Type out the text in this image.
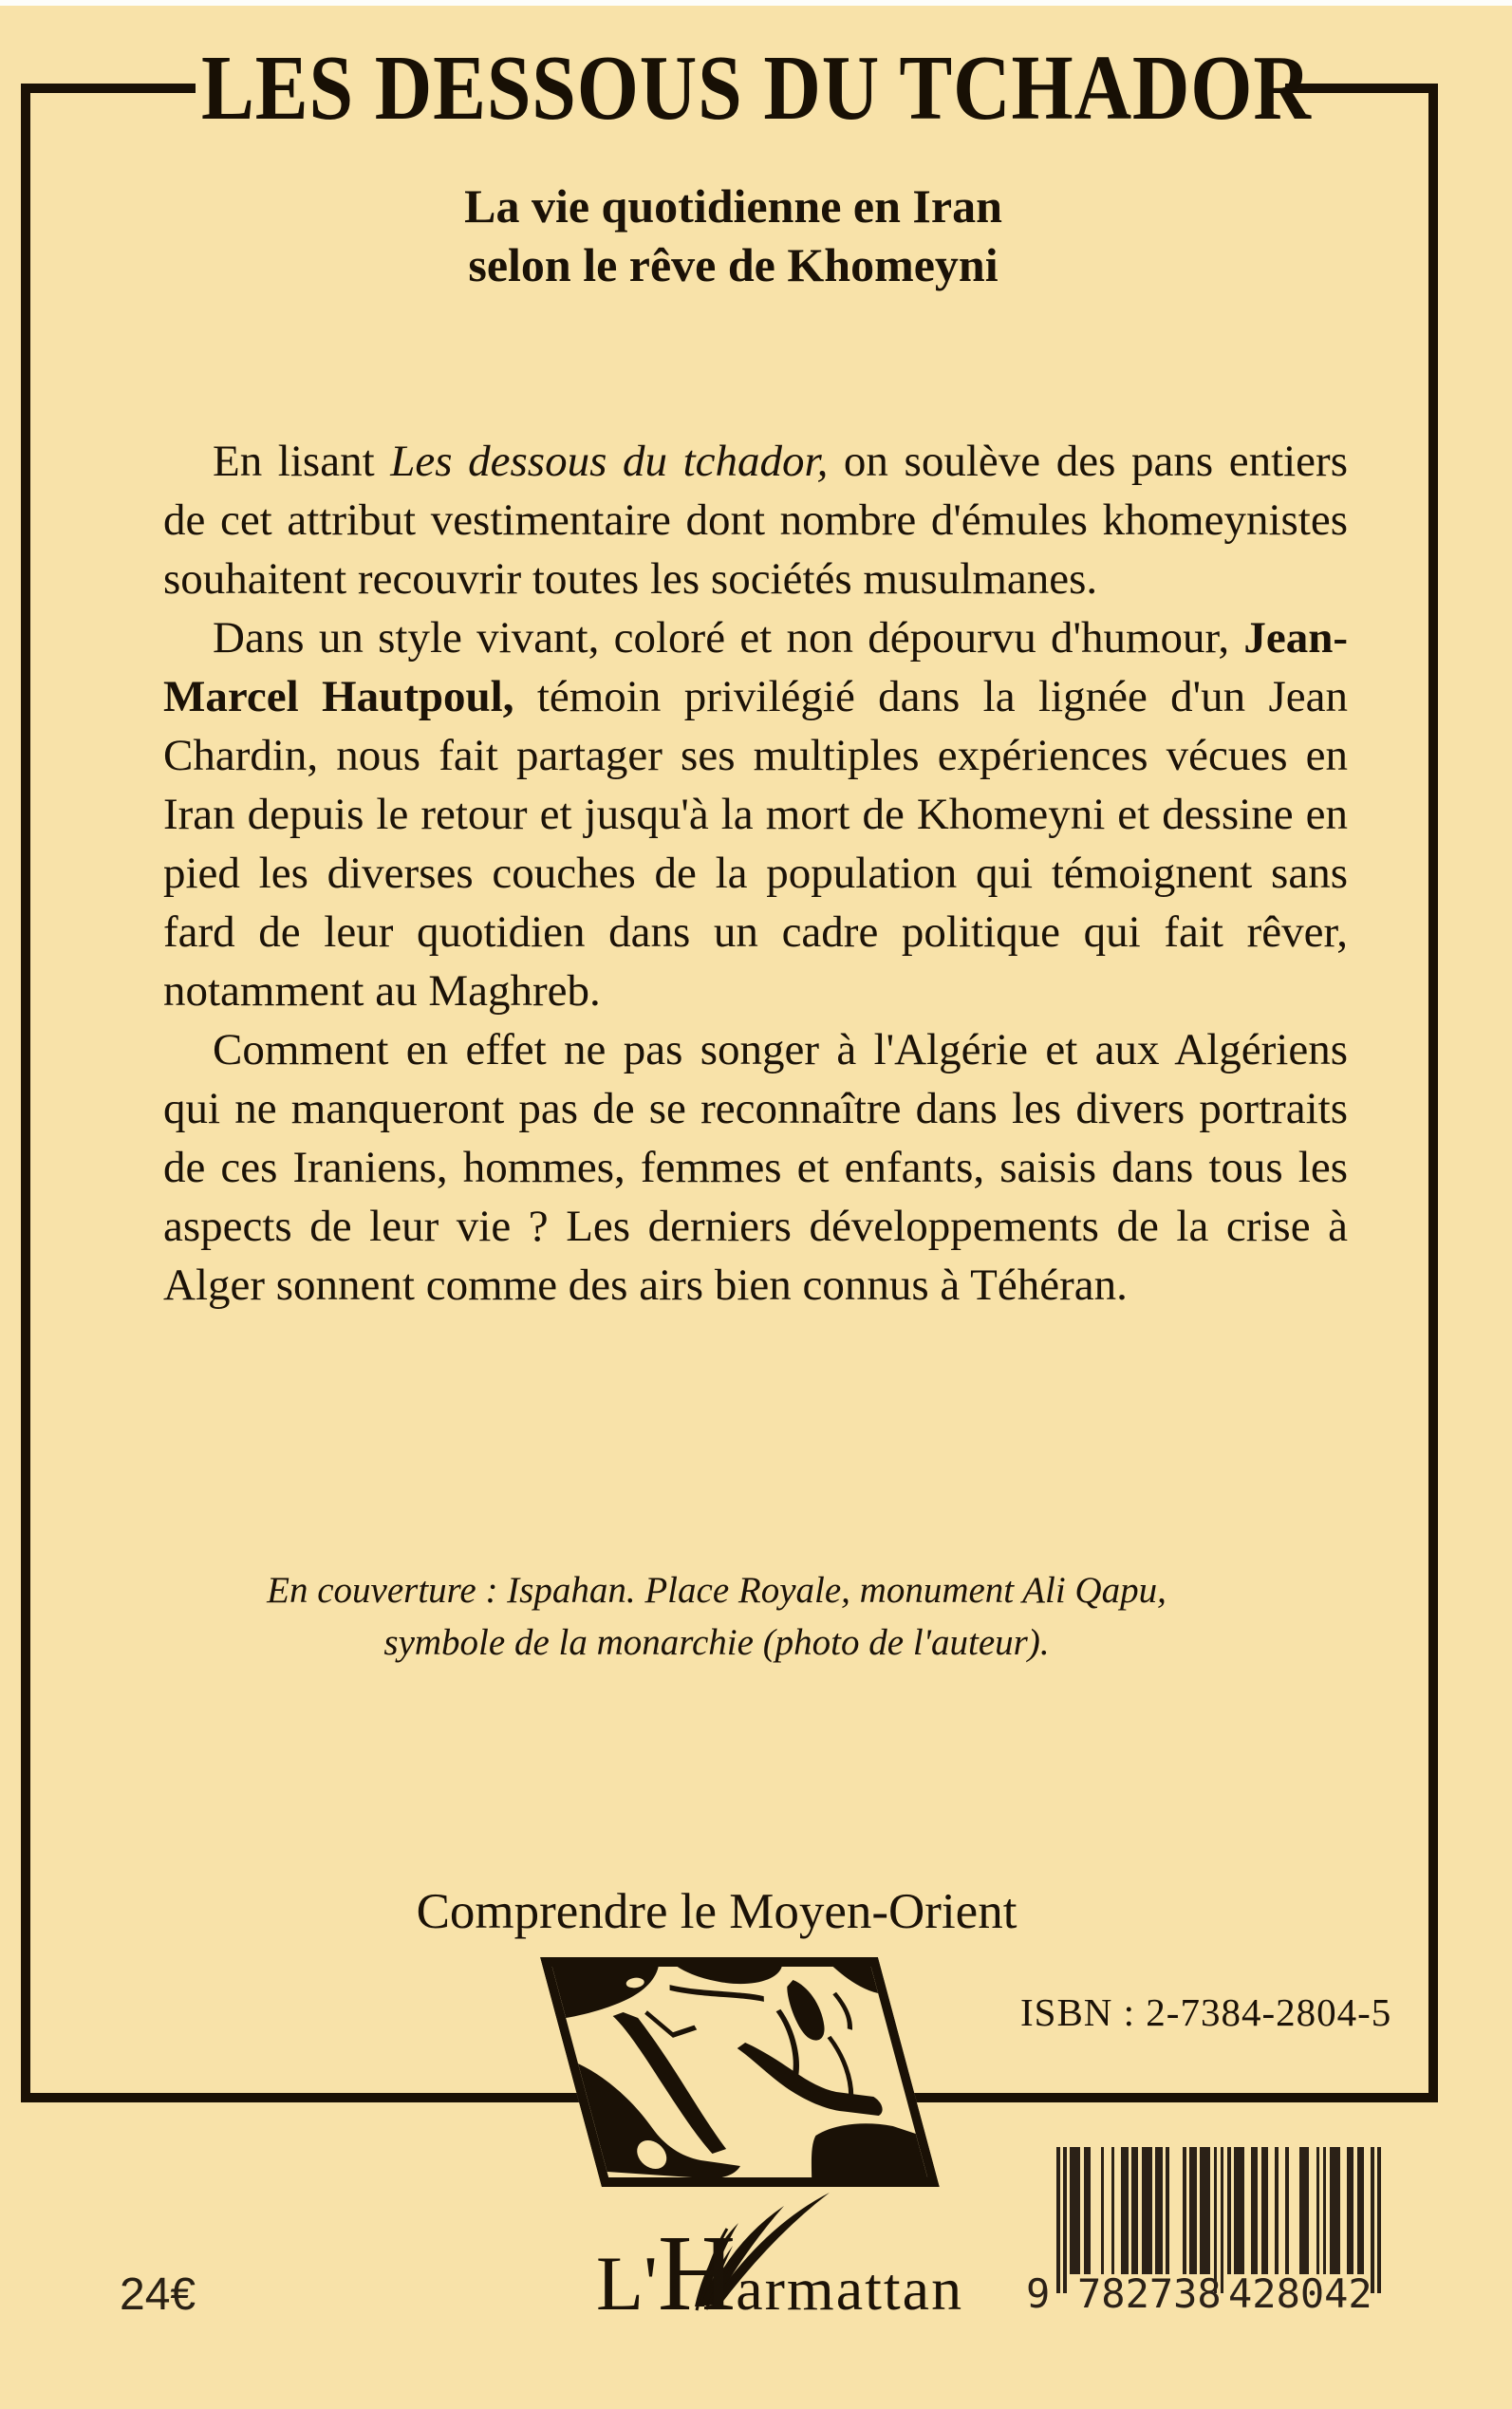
LES DESSOUS DU TCHADOR
La vie quotidienne en Iran
selon le rêve de Khomeyni

En lisant Les dessous du tchador, on soulève des pans entiers de cet attribut vestimentaire dont nombre d'émules khomeynistes souhaitent recouvrir toutes les sociétés musulmanes.

Dans un style vivant, coloré et non dépourvu d'humour, Jean-Marcel Hautpoul, témoin privilégié dans la lignée d'un Jean Chardin, nous fait partager ses multiples expériences vécues en Iran depuis le retour et jusqu'à la mort de Khomeyni et dessine en pied les diverses couches de la population qui témoignent sans fard de leur quotidien dans un cadre politique qui fait rêver, notamment au Maghreb.

Comment en effet ne pas songer à l'Algérie et aux Algériens qui ne manqueront pas de se reconnaître dans les divers portraits de ces Iraniens, hommes, femmes et enfants, saisis dans tous les aspects de leur vie ? Les derniers développements de la crise à Alger sonnent comme des airs bien connus à Téhéran.

En couverture : Ispahan. Place Royale, monument Ali Qapu,
symbole de la monarchie (photo de l'auteur).
Comprendre le Moyen-Orient
ISBN : 2-7384-2804-5
L'Harmattan 9 782738 428042
24€
